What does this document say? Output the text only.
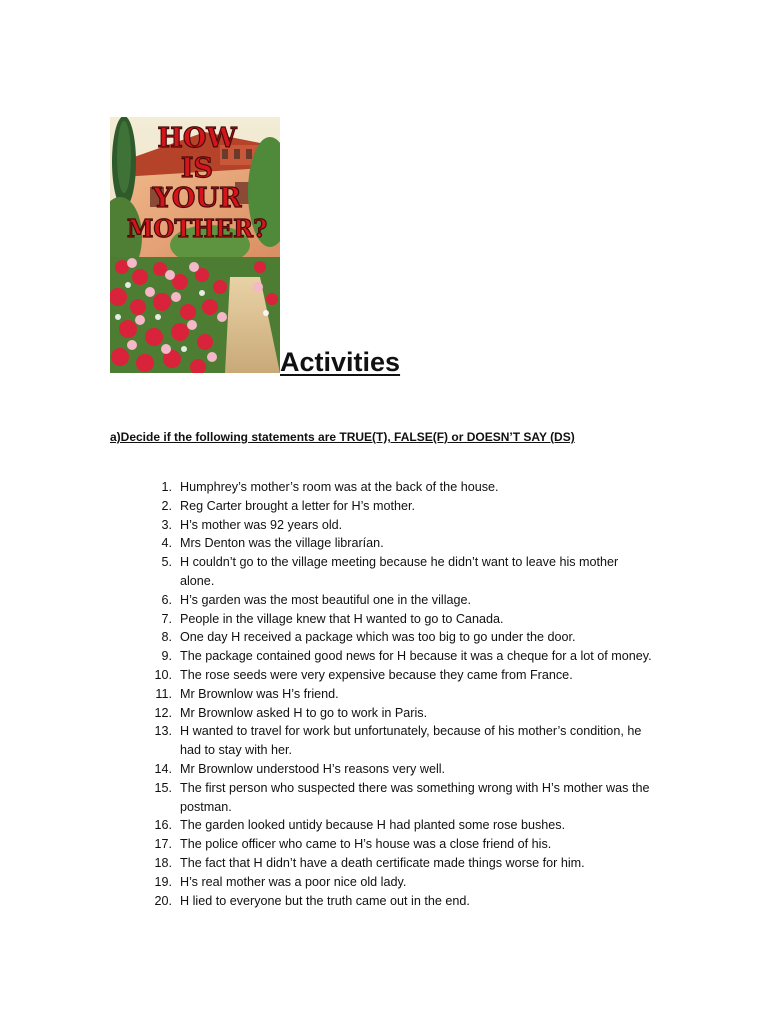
HOW
IS
YOUR
MOTHER?
Activities

a)Decide if the following statements are TRUE(T), FALSE(F) or DOESN’T SAY (DS)

1. Humphrey’s mother’s room was at the back of the house.
2. Reg Carter brought a letter for H’s mother.
3. H’s mother was 92 years old.
4. Mrs Denton was the village librarían.
5. H couldn’t go to the village meeting because he didn’t want to leave his mother alone.
6. H’s garden was the most beautiful one in the village.
7. People in the village knew that H wanted to go to Canada.
8. One day H received a package which was too big to go under the door.
9. The package contained good news for H because it was a cheque for a lot of money.
10. The rose seeds were very expensive because they came from France.
11. Mr Brownlow was H’s friend.
12. Mr Brownlow asked H to go to work in Paris.
13. H wanted to travel for work but unfortunately, because of his mother’s condition, he had to stay with her.
14. Mr Brownlow understood H’s reasons very well.
15. The first person who suspected there was something wrong with H’s mother was the postman.
16. The garden looked untidy because H had planted some rose bushes.
17. The police officer who came to H’s house was a close friend of his.
18. The fact that H didn’t have a death certificate made things worse for him.
19. H’s real mother was a poor nice old lady.
20. H lied to everyone but the truth came out in the end.
